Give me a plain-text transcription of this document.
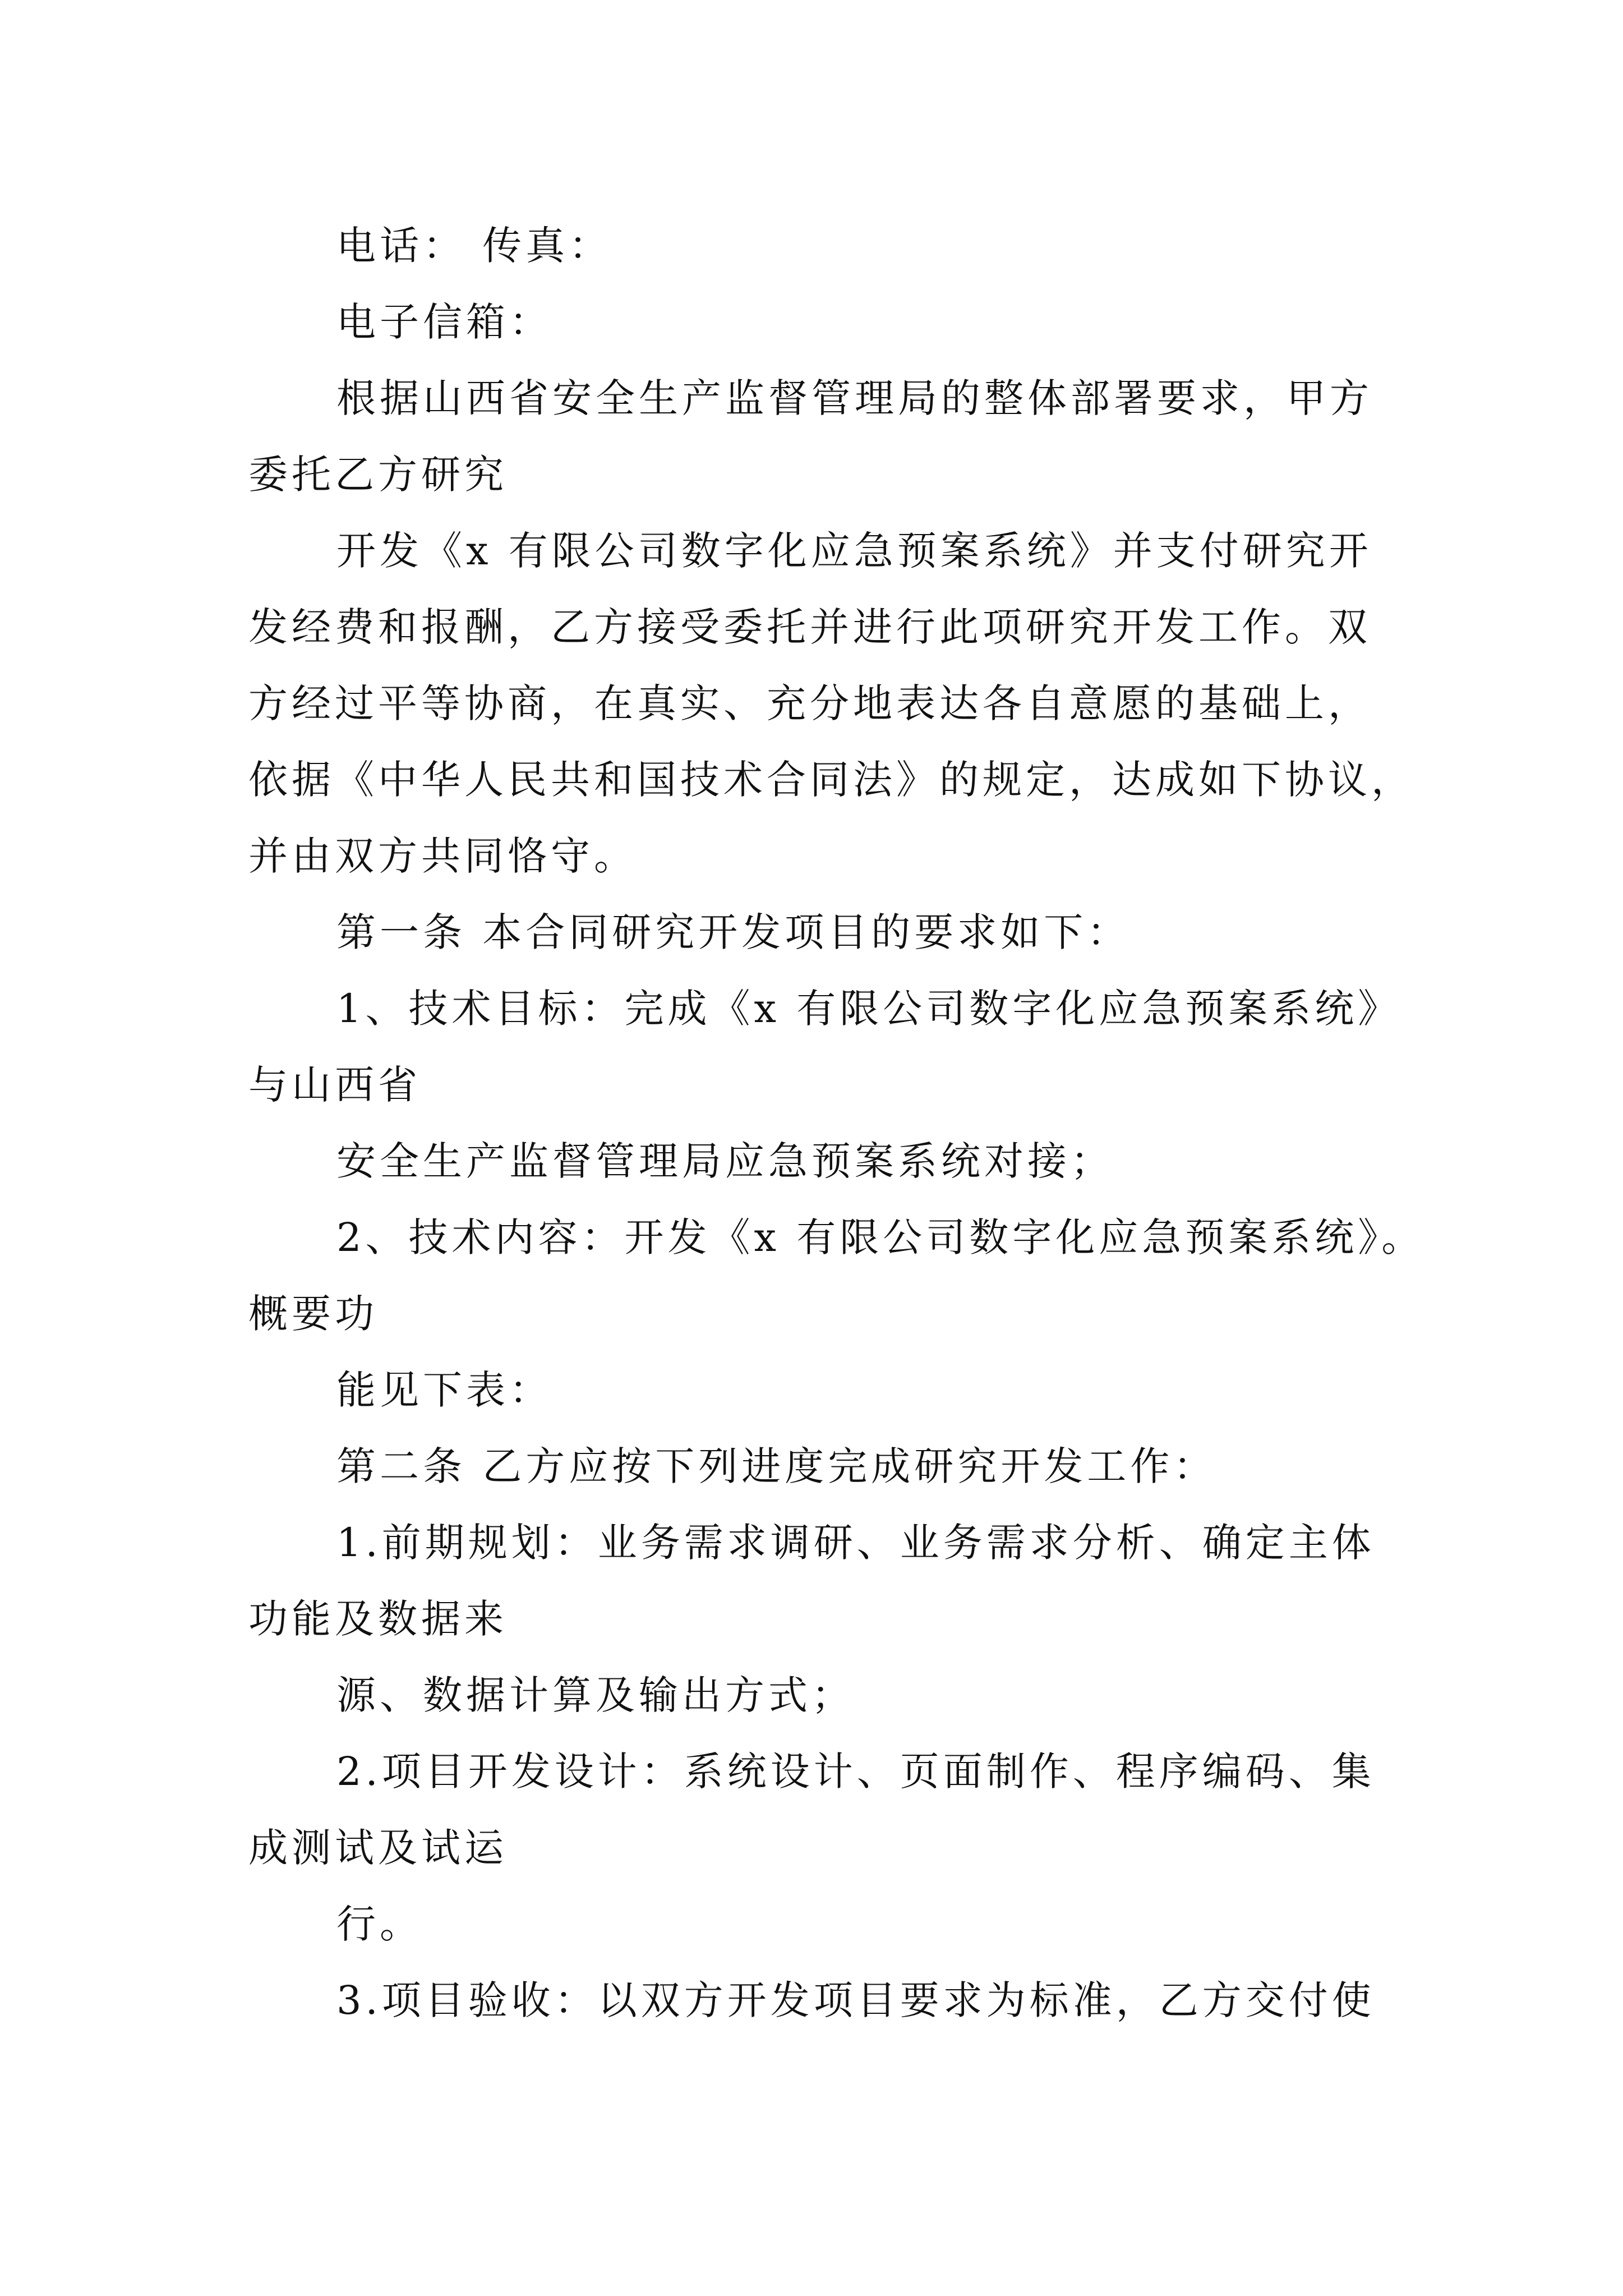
电话： 传真：
电子信箱：
根据山西省安全生产监督管理局的整体部署要求，甲方
委托乙方研究
开发《x 有限公司数字化应急预案系统》并支付研究开
发经费和报酬，乙方接受委托并进行此项研究开发工作。双
方经过平等协商，在真实、充分地表达各自意愿的基础上，
依据《中华人民共和国技术合同法》的规定，达成如下协议，
并由双方共同恪守。
第一条 本合同研究开发项目的要求如下：
1、技术目标：完成《x 有限公司数字化应急预案系统》
与山西省
安全生产监督管理局应急预案系统对接；
2、技术内容：开发《x 有限公司数字化应急预案系统》。
概要功
能见下表：
第二条 乙方应按下列进度完成研究开发工作：
1.前期规划：业务需求调研、业务需求分析、确定主体
功能及数据来
源、数据计算及输出方式；
2.项目开发设计：系统设计、页面制作、程序编码、集
成测试及试运
行。
3.项目验收：以双方开发项目要求为标准，乙方交付使
